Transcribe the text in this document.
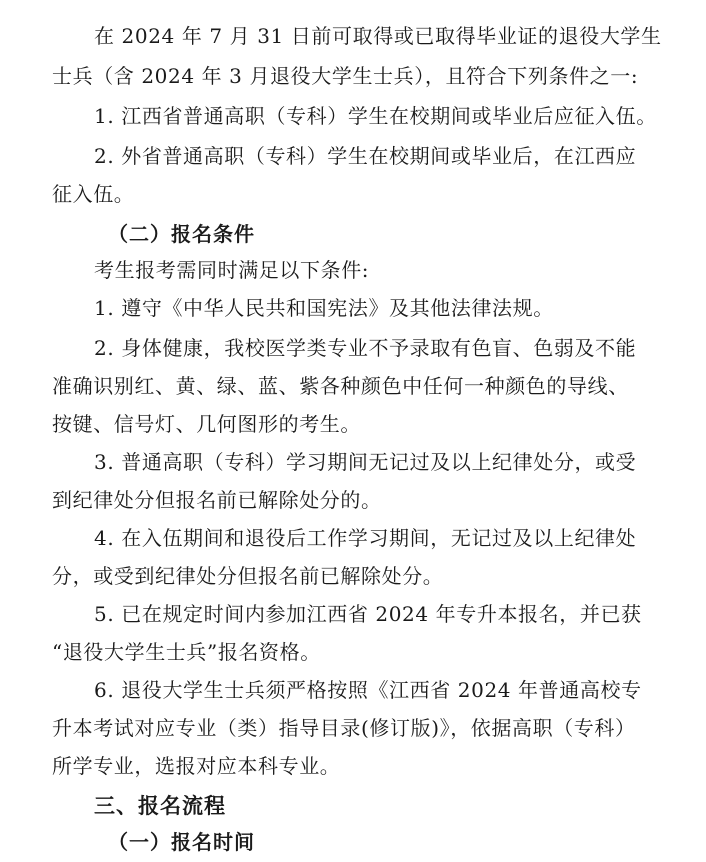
在 2024 年 7 月 31 日前可取得或已取得毕业证的退役大学生
士兵（含 2024 年 3 月退役大学生士兵），且符合下列条件之一:
1. 江西省普通高职（专科）学生在校期间或毕业后应征入伍。
2. 外省普通高职（专科）学生在校期间或毕业后，在江西应
征入伍。
（二）报名条件
考生报考需同时满足以下条件:
1. 遵守《中华人民共和国宪法》及其他法律法规。
2. 身体健康，我校医学类专业不予录取有色盲、色弱及不能
准确识别红、黄、绿、蓝、紫各种颜色中任何一种颜色的导线、
按键、信号灯、几何图形的考生。
3. 普通高职（专科）学习期间无记过及以上纪律处分，或受
到纪律处分但报名前已解除处分的。
4. 在入伍期间和退役后工作学习期间，无记过及以上纪律处
分，或受到纪律处分但报名前已解除处分。
5. 已在规定时间内参加江西省 2024 年专升本报名，并已获
“退役大学生士兵”报名资格。
6. 退役大学生士兵须严格按照《江西省 2024 年普通高校专
升本考试对应专业（类）指导目录(修订版)》，依据高职（专科）
所学专业，选报对应本科专业。
三、报名流程
（一）报名时间
